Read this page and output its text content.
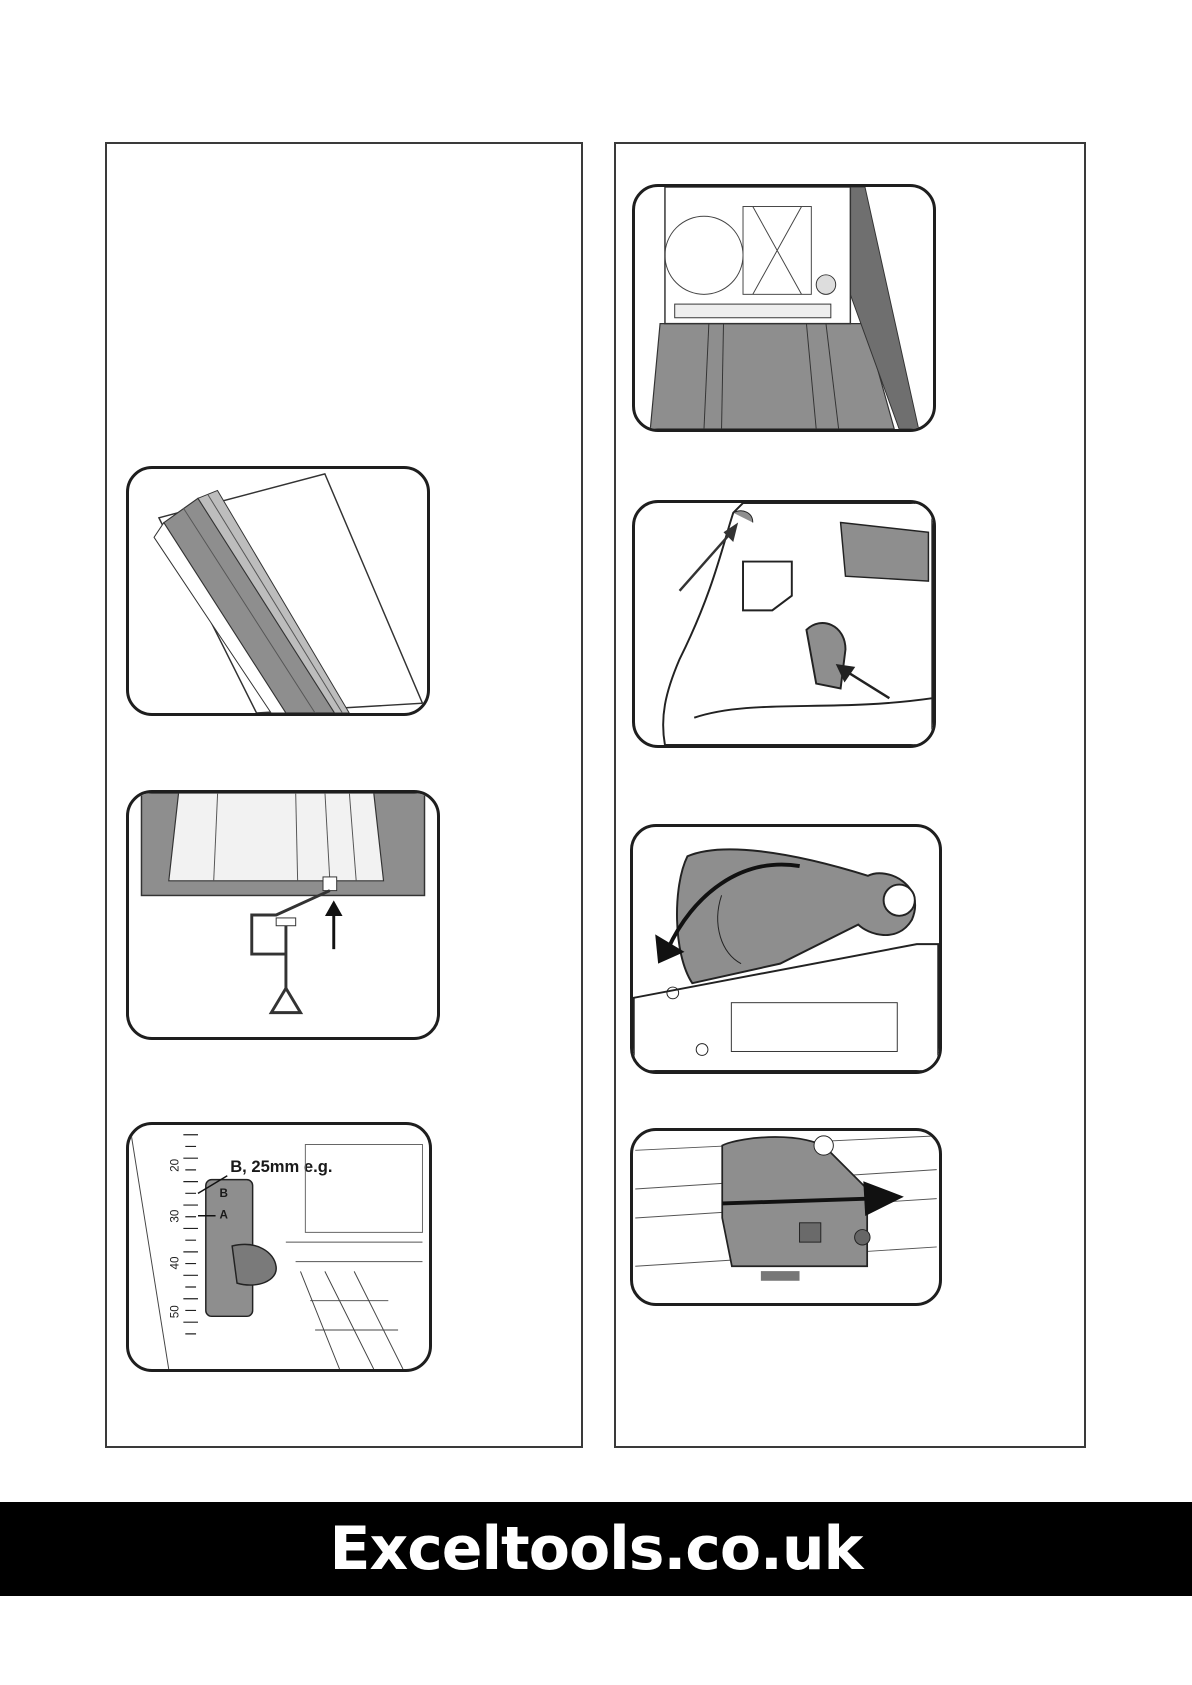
20
30
40
50
B
A
B, 25mm e.g.
Exceltools.co.uk
